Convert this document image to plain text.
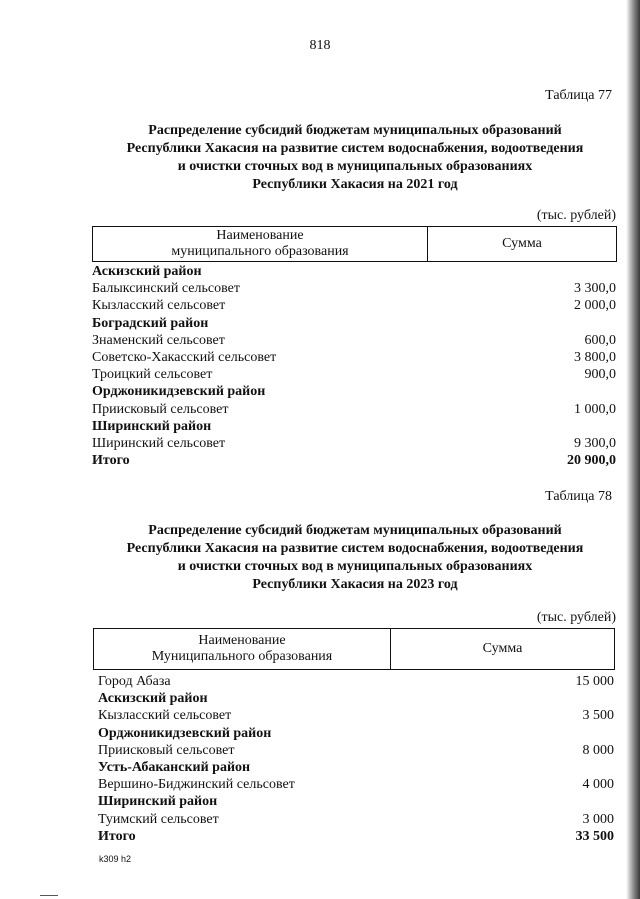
818
Таблица 77
Распределение субсидий бюджетам муниципальных образований
Республики Хакасия на развитие систем водоснабжения, водоотведения
и очистки сточных вод в муниципальных образованиях
Республики Хакасия на 2021 год
(тыс. рублей)
Наименование
муниципального образования
Сумма
Аскизский район
Балыксинский сельсовет	3 300,0
Кызласский сельсовет	2 000,0
Боградский район
Знаменский сельсовет	600,0
Советско-Хакасский сельсовет	3 800,0
Троицкий сельсовет	900,0
Орджоникидзевский район
Приисковый сельсовет	1 000,0
Ширинский район
Ширинский сельсовет	9 300,0
Итого	20 900,0
Таблица 78
Распределение субсидий бюджетам муниципальных образований
Республики Хакасия на развитие систем водоснабжения, водоотведения
и очистки сточных вод в муниципальных образованиях
Республики Хакасия на 2023 год
(тыс. рублей)
Наименование
Муниципального образования
Сумма
Город Абаза	15 000
Аскизский район
Кызласский сельсовет	3 500
Орджоникидзевский район
Приисковый сельсовет	8 000
Усть-Абаканский район
Вершино-Биджинский сельсовет	4 000
Ширинский район
Туимский сельсовет	3 000
Итого	33 500
k309 h2
